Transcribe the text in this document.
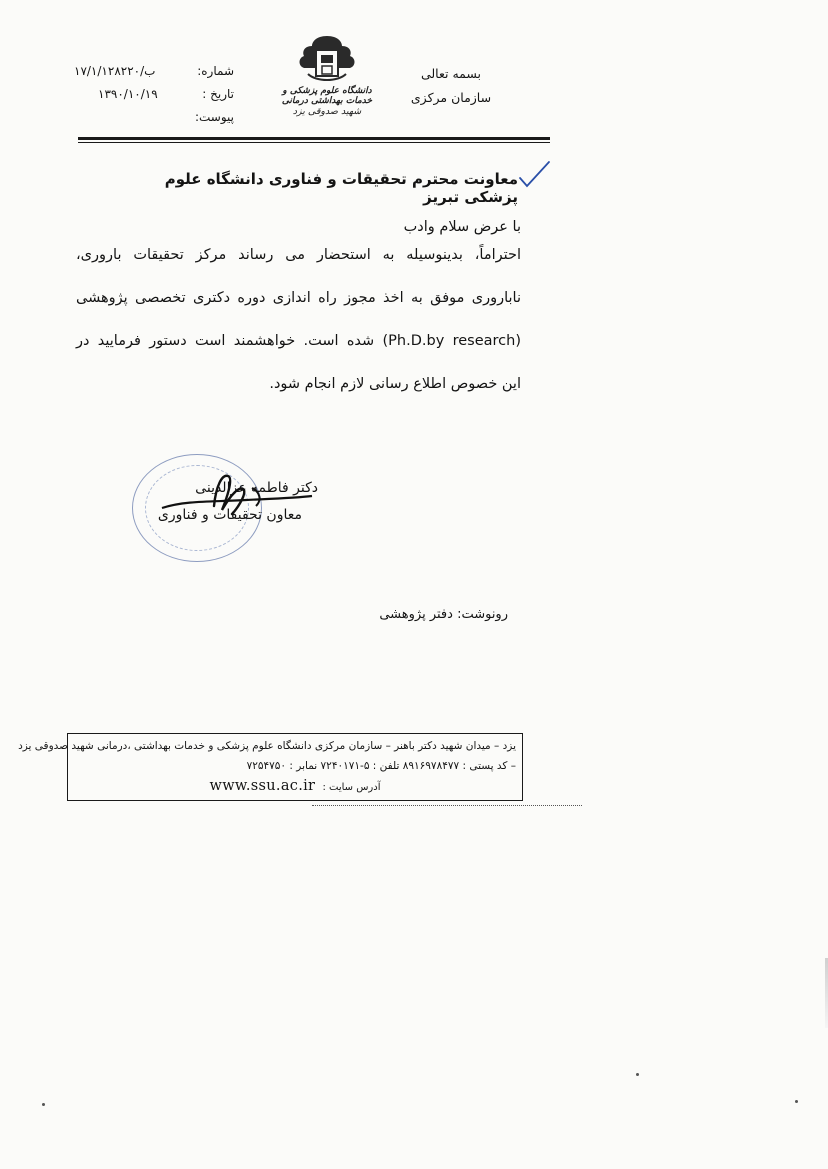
بسمه تعالی
سازمان مرکزی
دانشگاه علوم پزشکی و خدمات بهداشتی درمانی
شهید صدوقی یزد
شماره:
۱۷/۱/۱۲۸۲۲۰/ب
تاریخ :
۱۳۹۰/۱۰/۱۹
پیوست:
معاونت محترم تحقیقات و فناوری دانشگاه علوم پزشکی تبریز
با عرض سلام وادب
احتراماً، بدینوسیله به استحضار می رساند مرکز تحقیقات باروری،
ناباروری موفق به اخذ مجوز راه اندازی دوره دکتری تخصصی پژوهشی
(Ph.D.by research) شده است. خواهشمند است دستور فرمایید در
این خصوص اطلاع رسانی لازم انجام شود.
دکتر فاطمه عزالدینی
معاون تحقیقات و فناوری
رونوشت: دفتر پژوهشی
یزد – میدان شهید دکتر باهنر – سازمان مرکزی دانشگاه علوم پزشکی و خدمات بهداشتی ،درمانی شهید صدوقی یزد
– کد پستی : ۸۹۱۶۹۷۸۴۷۷ تلفن : ۵-۷۲۴۰۱۷۱ نمابر : ۷۲۵۴۷۵۰
www.ssu.ac.ir آدرس سایت :
